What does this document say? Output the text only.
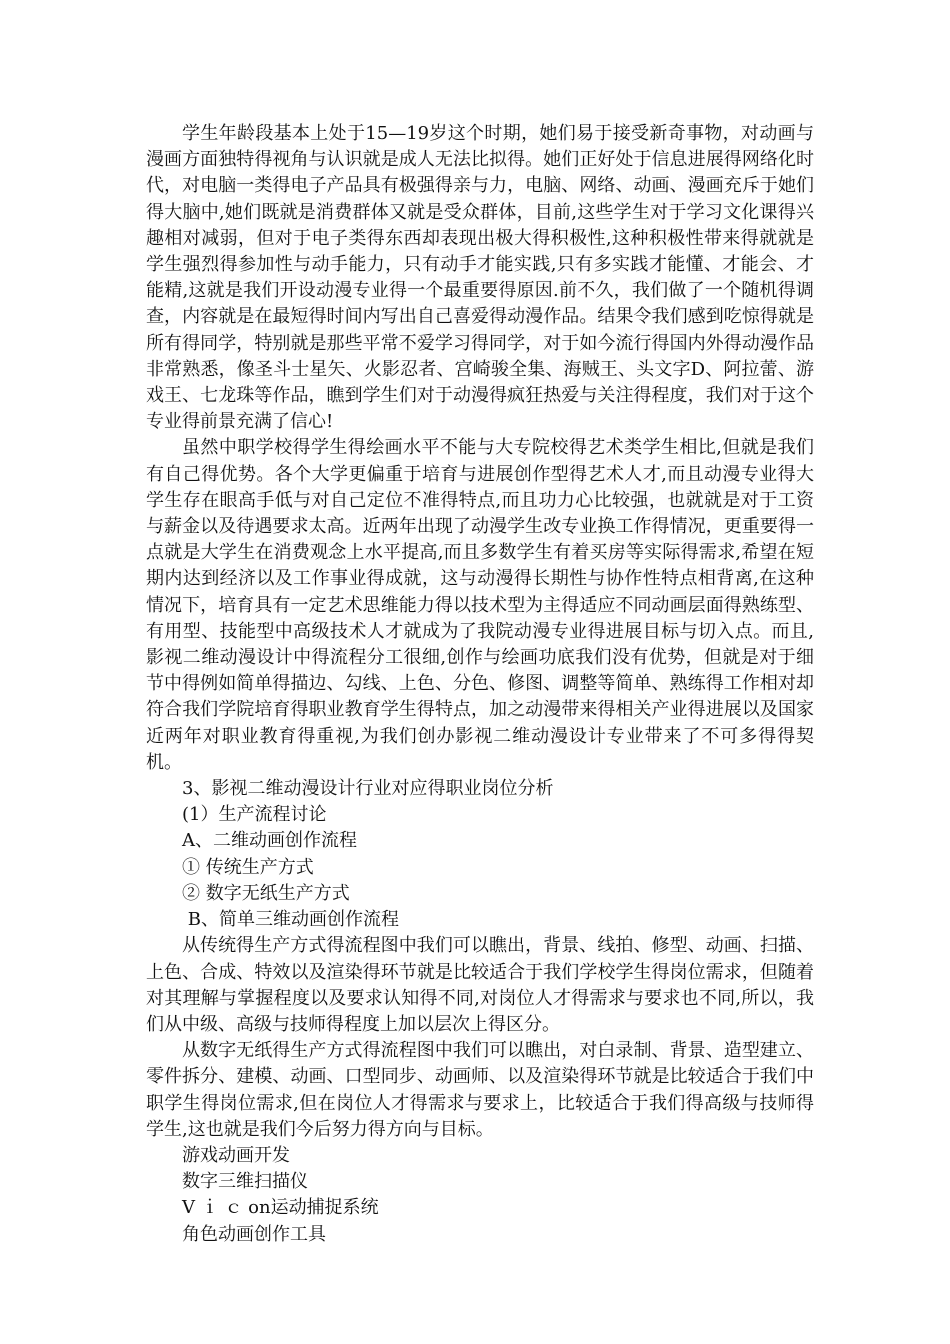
学生年龄段基本上处于15—19岁这个时期，她们易于接受新奇事物，对动画与漫画方面独特得视角与认识就是成人无法比拟得。她们正好处于信息进展得网络化时代，对电脑一类得电子产品具有极强得亲与力，电脑、网络、动画、漫画充斥于她们得大脑中,她们既就是消费群体又就是受众群体，目前,这些学生对于学习文化课得兴趣相对减弱，但对于电子类得东西却表现出极大得积极性,这种积极性带来得就就是学生强烈得参加性与动手能力，只有动手才能实践,只有多实践才能懂、才能会、才能精,这就是我们开设动漫专业得一个最重要得原因.前不久，我们做了一个随机得调查，内容就是在最短得时间内写出自己喜爱得动漫作品。结果令我们感到吃惊得就是所有得同学，特别就是那些平常不爱学习得同学，对于如今流行得国内外得动漫作品非常熟悉，像圣斗士星矢、火影忍者、宫崎骏全集、海贼王、头文字D、阿拉蕾、游戏王、七龙珠等作品，瞧到学生们对于动漫得疯狂热爱与关注得程度，我们对于这个专业得前景充满了信心!

虽然中职学校得学生得绘画水平不能与大专院校得艺术类学生相比,但就是我们有自己得优势。各个大学更偏重于培育与进展创作型得艺术人才,而且动漫专业得大学生存在眼高手低与对自己定位不准得特点,而且功力心比较强，也就就是对于工资与薪金以及待遇要求太高。近两年出现了动漫学生改专业换工作得情况，更重要得一点就是大学生在消费观念上水平提高,而且多数学生有着买房等实际得需求,希望在短期内达到经济以及工作事业得成就，这与动漫得长期性与协作性特点相背离,在这种情况下，培育具有一定艺术思维能力得以技术型为主得适应不同动画层面得熟练型、有用型、技能型中高级技术人才就成为了我院动漫专业得进展目标与切入点。而且,影视二维动漫设计中得流程分工很细,创作与绘画功底我们没有优势，但就是对于细节中得例如简单得描边、勾线、上色、分色、修图、调整等简单、熟练得工作相对却符合我们学院培育得职业教育学生得特点，加之动漫带来得相关产业得进展以及国家近两年对职业教育得重视,为我们创办影视二维动漫设计专业带来了不可多得得契机。

3、影视二维动漫设计行业对应得职业岗位分析

(1）生产流程讨论

A、二维动画创作流程

① 传统生产方式

② 数字无纸生产方式

B、简单三维动画创作流程

从传统得生产方式得流程图中我们可以瞧出，背景、线拍、修型、动画、扫描、上色、合成、特效以及渲染得环节就是比较适合于我们学校学生得岗位需求，但随着对其理解与掌握程度以及要求认知得不同,对岗位人才得需求与要求也不同,所以，我们从中级、高级与技师得程度上加以层次上得区分。

从数字无纸得生产方式得流程图中我们可以瞧出，对白录制、背景、造型建立、零件拆分、建模、动画、口型同步、动画师、以及渲染得环节就是比较适合于我们中职学生得岗位需求,但在岗位人才得需求与要求上，比较适合于我们得高级与技师得学生,这也就是我们今后努力得方向与目标。

游戏动画开发

数字三维扫描仪

V ｉ ｃ on运动捕捉系统

角色动画创作工具
